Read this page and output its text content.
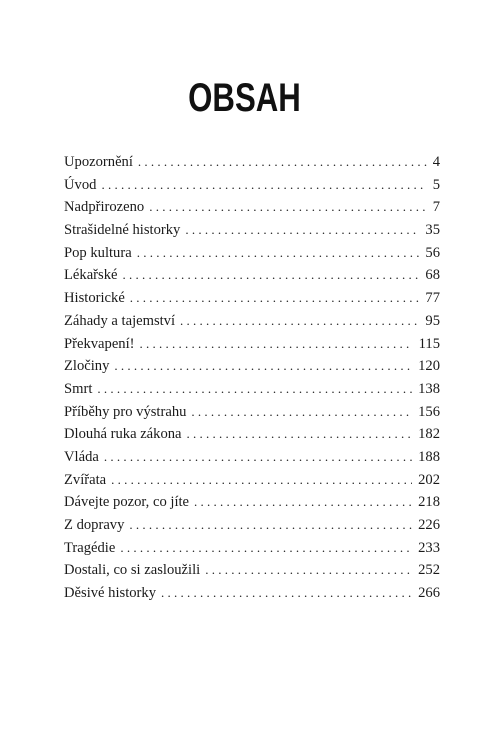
OBSAH
Upozornění . . .	4
Úvod . . .	5
Nadpřirozeno . . .	7
Strašidelné historky . . .	35
Pop kultura . . .	56
Lékařské . . .	68
Historické . . .	77
Záhady a tajemství . . .	95
Překvapení! . . .	115
Zločiny . . .	120
Smrt . . .	138
Příběhy pro výstrahu . . .	156
Dlouhá ruka zákona . . .	182
Vláda . . .	188
Zvířata . . .	202
Dávejte pozor, co jíte . . .	218
Z dopravy . . .	226
Tragédie . . .	233
Dostali, co si zasloužili . . .	252
Děsivé historky . . .	266
